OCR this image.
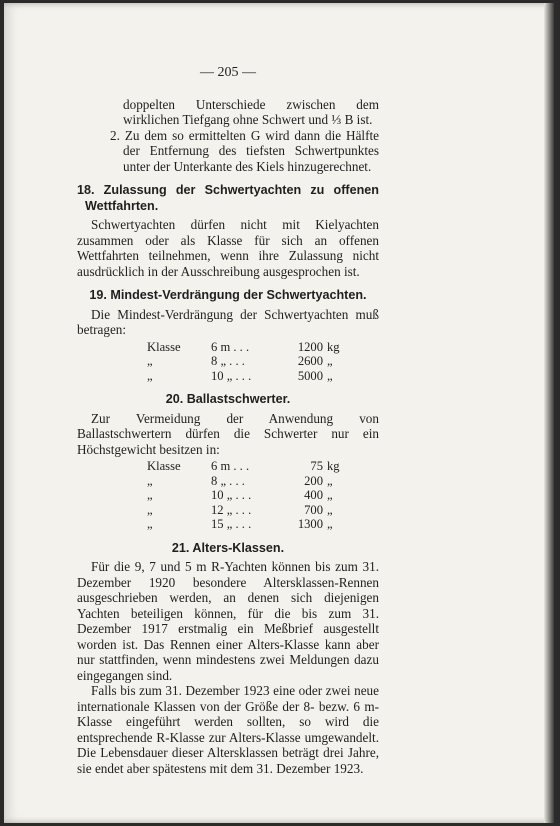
— 205 —

doppelten Unterschiede zwischen dem wirklichen Tiefgang ohne Schwert und ⅓ B ist.

2. Zu dem so ermittelten G wird dann die Hälfte der Entfernung des tiefsten Schwertpunktes unter der Unterkante des Kiels hinzugerechnet.

18. Zulassung der Schwertyachten zu offenen Wettfahrten.

Schwertyachten dürfen nicht mit Kielyachten zusammen oder als Klasse für sich an offenen Wettfahrten teilnehmen, wenn ihre Zulassung nicht ausdrücklich in der Ausschreibung ausgesprochen ist.

19. Mindest-Verdrängung der Schwertyachten.

Die Mindest-Verdrängung der Schwertyachten muß betragen:

Klasse	6 m . . .	1200	kg
„	8 „ . . .	2600	„
„	10 „ . . .	5000	„
20. Ballastschwerter.

Zur Vermeidung der Anwendung von Ballastschwertern dürfen die Schwerter nur ein Höchstgewicht besitzen in:

Klasse	6 m . . .	75	kg
„	8 „ . . .	200	„
„	10 „ . . .	400	„
„	12 „ . . .	700	„
„	15 „ . . .	1300	„
21. Alters-Klassen.

Für die 9, 7 und 5 m R-Yachten können bis zum 31. Dezember 1920 besondere Altersklassen-Rennen ausgeschrieben werden, an denen sich diejenigen Yachten beteiligen können, für die bis zum 31. Dezember 1917 erstmalig ein Meßbrief ausgestellt worden ist. Das Rennen einer Alters-Klasse kann aber nur stattfinden, wenn mindestens zwei Meldungen dazu eingegangen sind.

Falls bis zum 31. Dezember 1923 eine oder zwei neue internationale Klassen von der Größe der 8- bezw. 6 m-Klasse eingeführt werden sollten, so wird die entsprechende R-Klasse zur Alters-Klasse umgewandelt. Die Lebensdauer dieser Altersklassen beträgt drei Jahre, sie endet aber spätestens mit dem 31. Dezember 1923.
